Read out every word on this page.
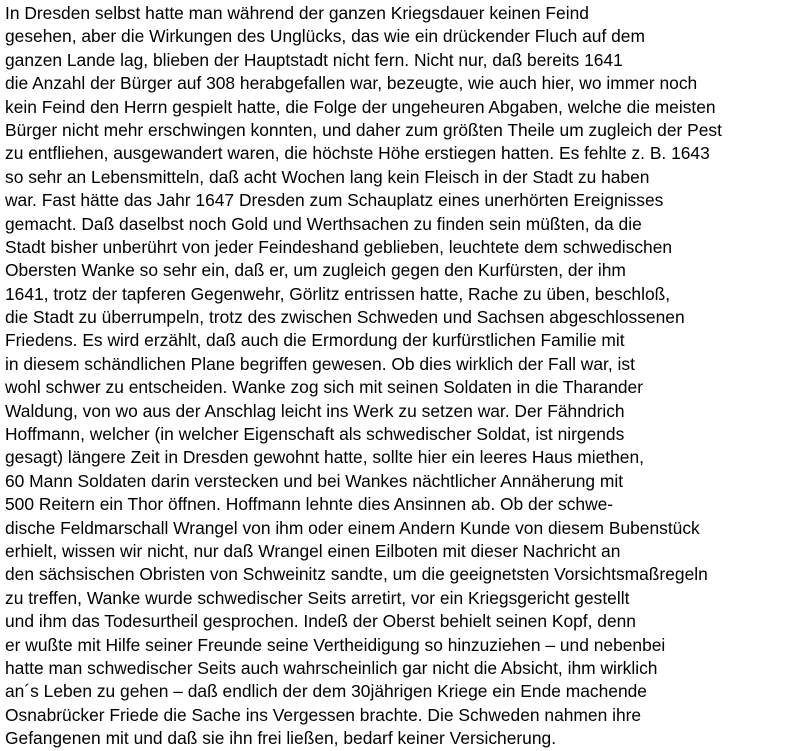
In Dresden selbst hatte man während der ganzen Kriegsdauer keinen Feind
gesehen, aber die Wirkungen des Unglücks, das wie ein drückender Fluch auf dem
ganzen Lande lag, blieben der Hauptstadt nicht fern. Nicht nur, daß bereits 1641
die Anzahl der Bürger auf 308 herabgefallen war, bezeugte, wie auch hier, wo immer noch
kein Feind den Herrn gespielt hatte, die Folge der ungeheuren Abgaben, welche die meisten
Bürger nicht mehr erschwingen konnten, und daher zum größten Theile um zugleich der Pest
zu entfliehen, ausgewandert waren, die höchste Höhe erstiegen hatten. Es fehlte z. B. 1643
so sehr an Lebensmitteln, daß acht Wochen lang kein Fleisch in der Stadt zu haben
war. Fast hätte das Jahr 1647 Dresden zum Schauplatz eines unerhörten Ereignisses
gemacht. Daß daselbst noch Gold und Werthsachen zu finden sein müßten, da die
Stadt bisher unberührt von jeder Feindeshand geblieben, leuchtete dem schwedischen
Obersten Wanke so sehr ein, daß er, um zugleich gegen den Kurfürsten, der ihm
1641, trotz der tapferen Gegenwehr, Görlitz entrissen hatte, Rache zu üben, beschloß,
die Stadt zu überrumpeln, trotz des zwischen Schweden und Sachsen abgeschlossenen
Friedens. Es wird erzählt, daß auch die Ermordung der kurfürstlichen Familie mit
in diesem schändlichen Plane begriffen gewesen. Ob dies wirklich der Fall war, ist
wohl schwer zu entscheiden. Wanke zog sich mit seinen Soldaten in die Tharander
Waldung, von wo aus der Anschlag leicht ins Werk zu setzen war. Der Fähndrich
Hoffmann, welcher (in welcher Eigenschaft als schwedischer Soldat, ist nirgends
gesagt) längere Zeit in Dresden gewohnt hatte, sollte hier ein leeres Haus miethen,
60 Mann Soldaten darin verstecken und bei Wankes nächtlicher Annäherung mit
500 Reitern ein Thor öffnen. Hoffmann lehnte dies Ansinnen ab. Ob der schwe-
dische Feldmarschall Wrangel von ihm oder einem Andern Kunde von diesem Bubenstück
erhielt, wissen wir nicht, nur daß Wrangel einen Eilboten mit dieser Nachricht an
den sächsischen Obristen von Schweinitz sandte, um die geeignetsten Vorsichtsmaßregeln
zu treffen, Wanke wurde schwedischer Seits arretirt, vor ein Kriegsgericht gestellt
und ihm das Todesurtheil gesprochen. Indeß der Oberst behielt seinen Kopf, denn
er wußte mit Hilfe seiner Freunde seine Vertheidigung so hinzuziehen – und nebenbei
hatte man schwedischer Seits auch wahrscheinlich gar nicht die Absicht, ihm wirklich
an´s Leben zu gehen – daß endlich der dem 30jährigen Kriege ein Ende machende
Osnabrücker Friede die Sache ins Vergessen brachte. Die Schweden nahmen ihre
Gefangenen mit und daß sie ihn frei ließen, bedarf keiner Versicherung.
